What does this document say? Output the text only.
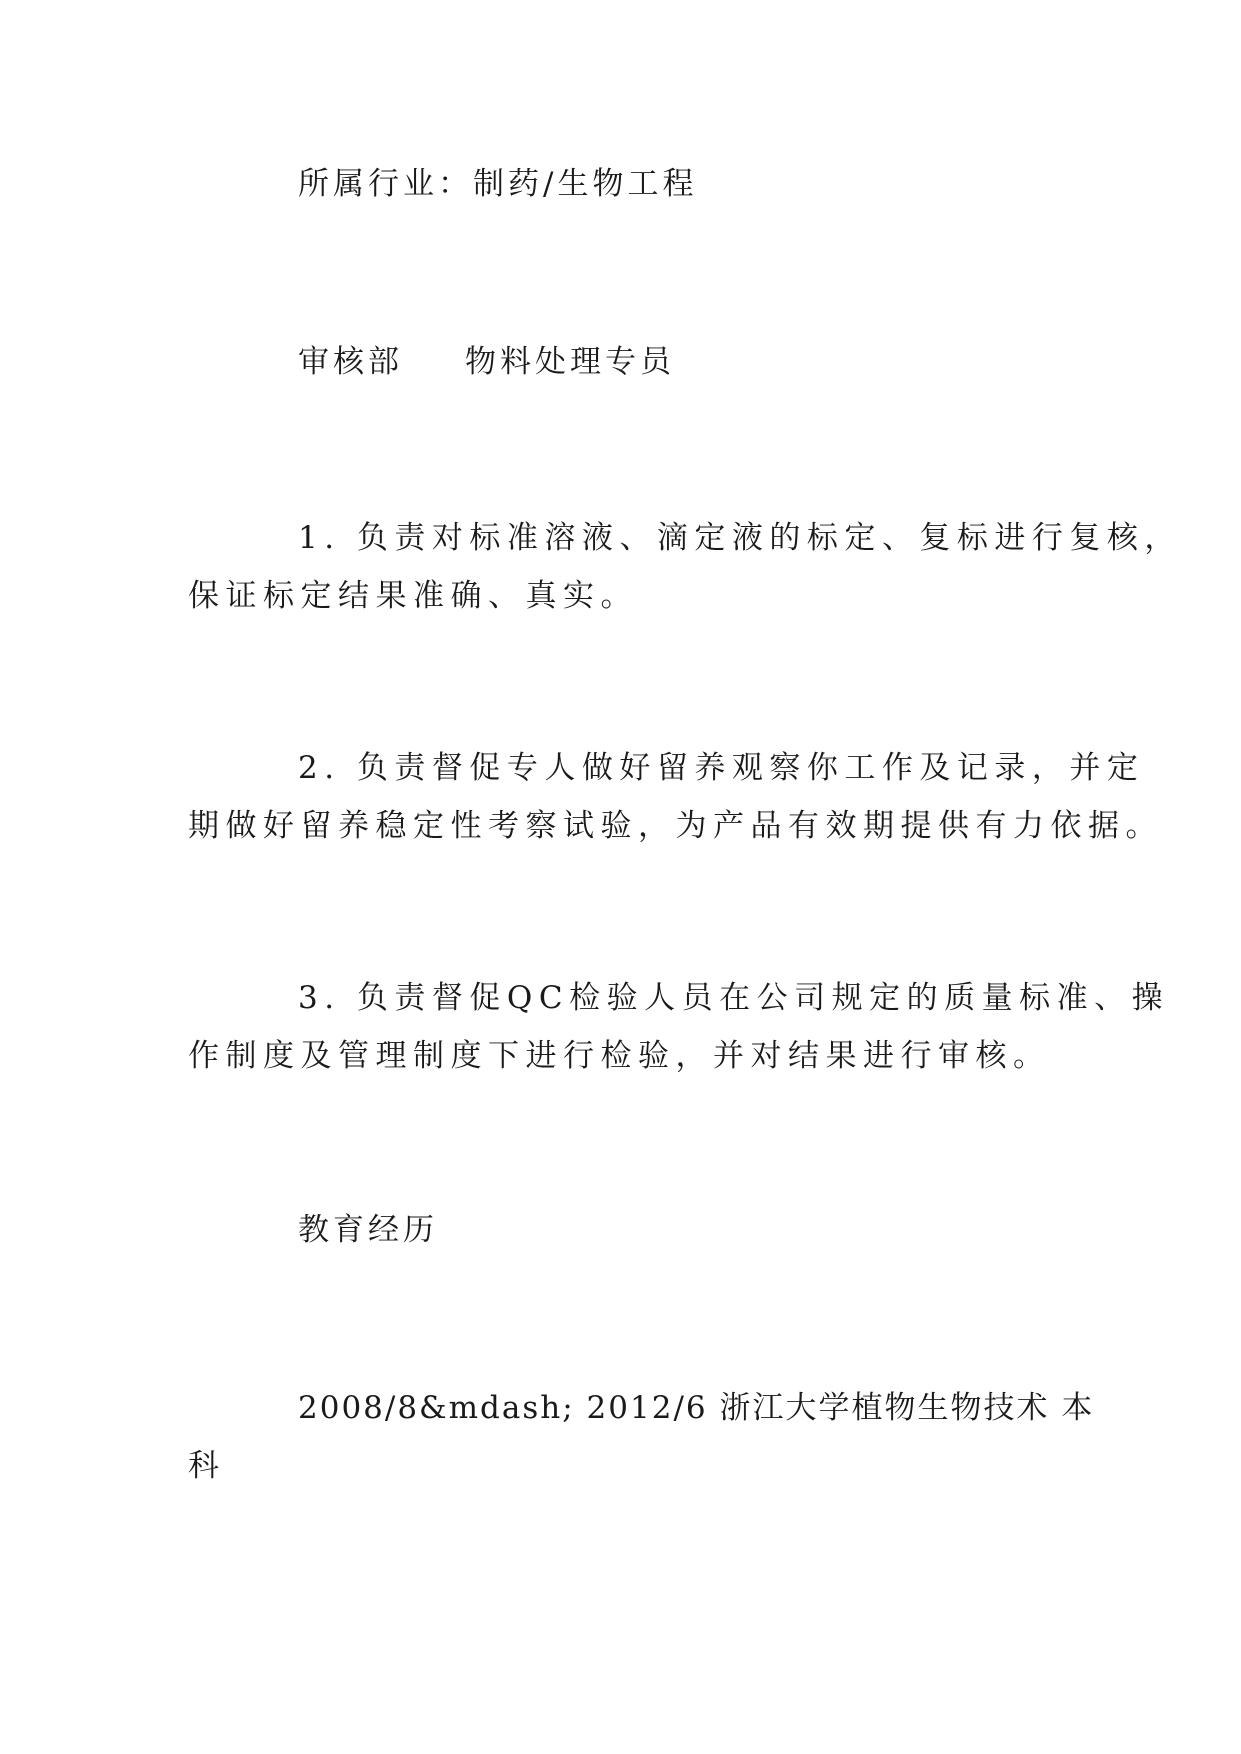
所属行业：制药/生物工程
审核部 物料处理专员
1. 负责对标准溶液、滴定液的标定、复标进行复核，
保证标定结果准确、真实。
2. 负责督促专人做好留养观察你工作及记录，并定
期做好留养稳定性考察试验，为产品有效期提供有力依据。
3. 负责督促QC检验人员在公司规定的质量标准、操
作制度及管理制度下进行检验，并对结果进行审核。
教育经历
2008/8&mdash; 2012/6 浙江大学植物生物技术 本
科
